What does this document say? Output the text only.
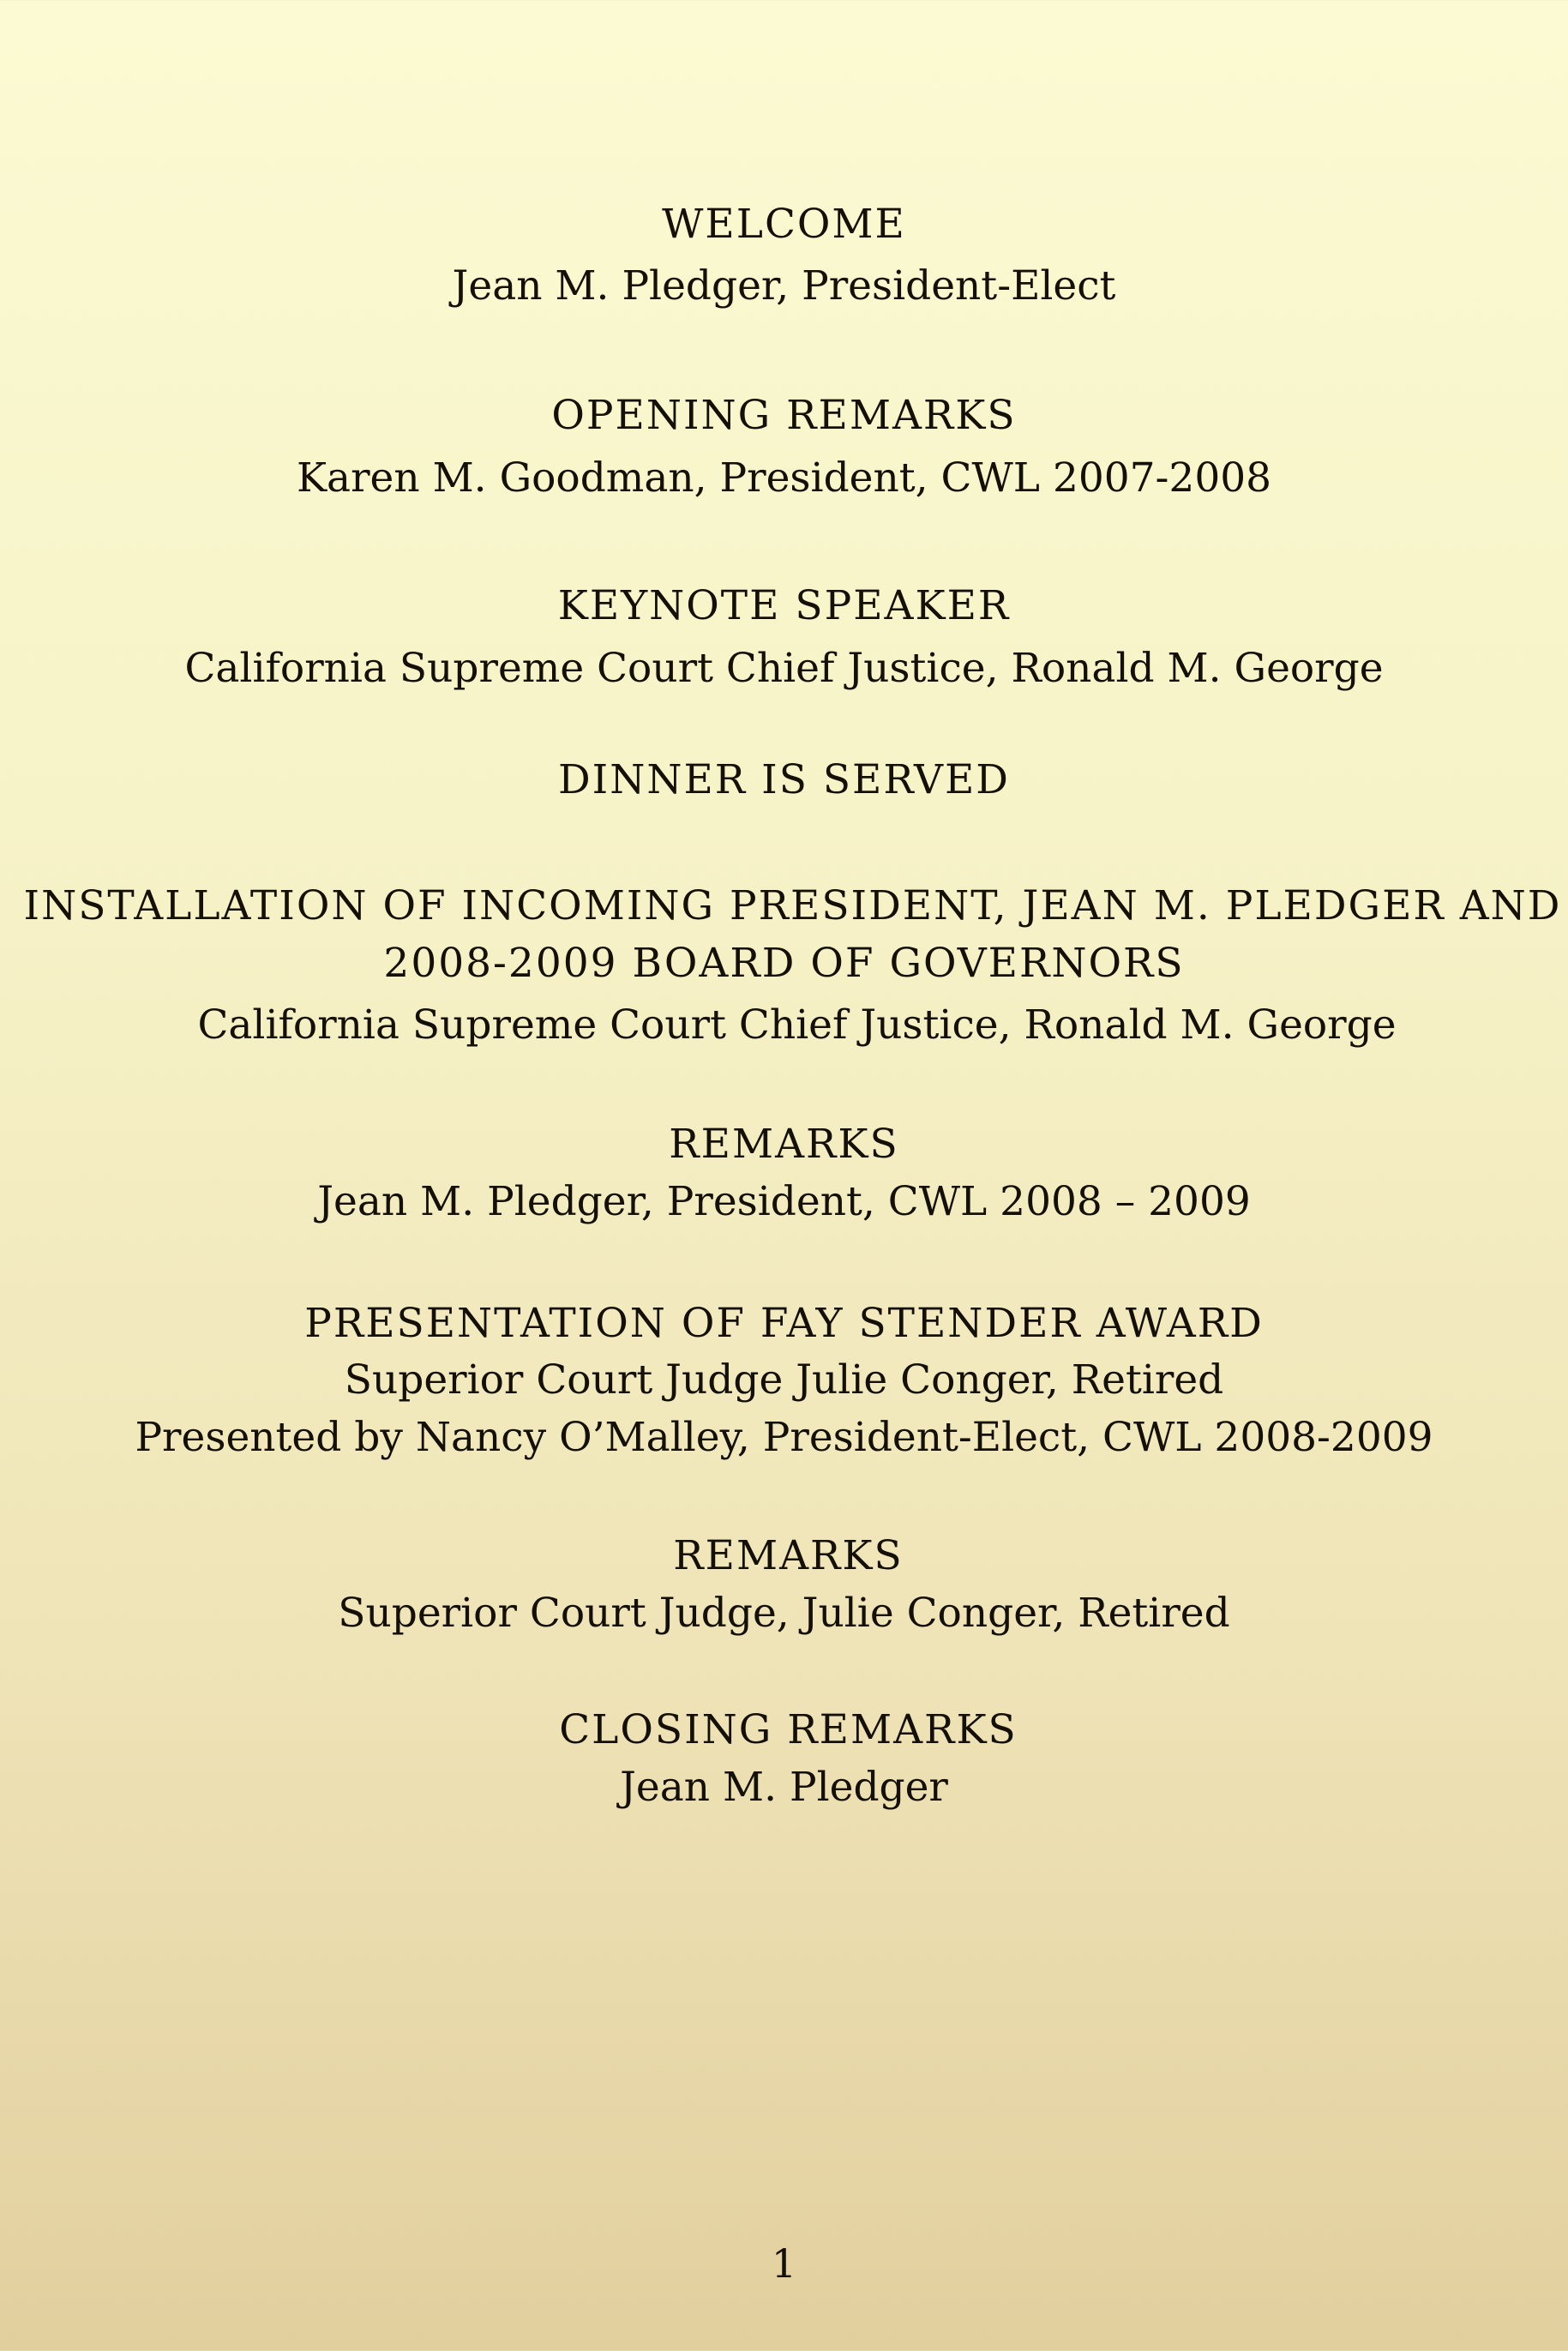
WELCOME
Jean M. Pledger, President-Elect
OPENING REMARKS
Karen M. Goodman, President, CWL 2007-2008
KEYNOTE SPEAKER
California Supreme Court Chief Justice, Ronald M. George
DINNER IS SERVED
INSTALLATION OF INCOMING PRESIDENT, JEAN M. PLEDGER AND
2008-2009 BOARD OF GOVERNORS
California Supreme Court Chief Justice, Ronald M. George
REMARKS
Jean M. Pledger, President, CWL 2008 – 2009
PRESENTATION OF FAY STENDER AWARD
Superior Court Judge Julie Conger, Retired
Presented by Nancy O’Malley, President-Elect, CWL 2008-2009
REMARKS
Superior Court Judge, Julie Conger, Retired
CLOSING REMARKS
Jean M. Pledger
1
